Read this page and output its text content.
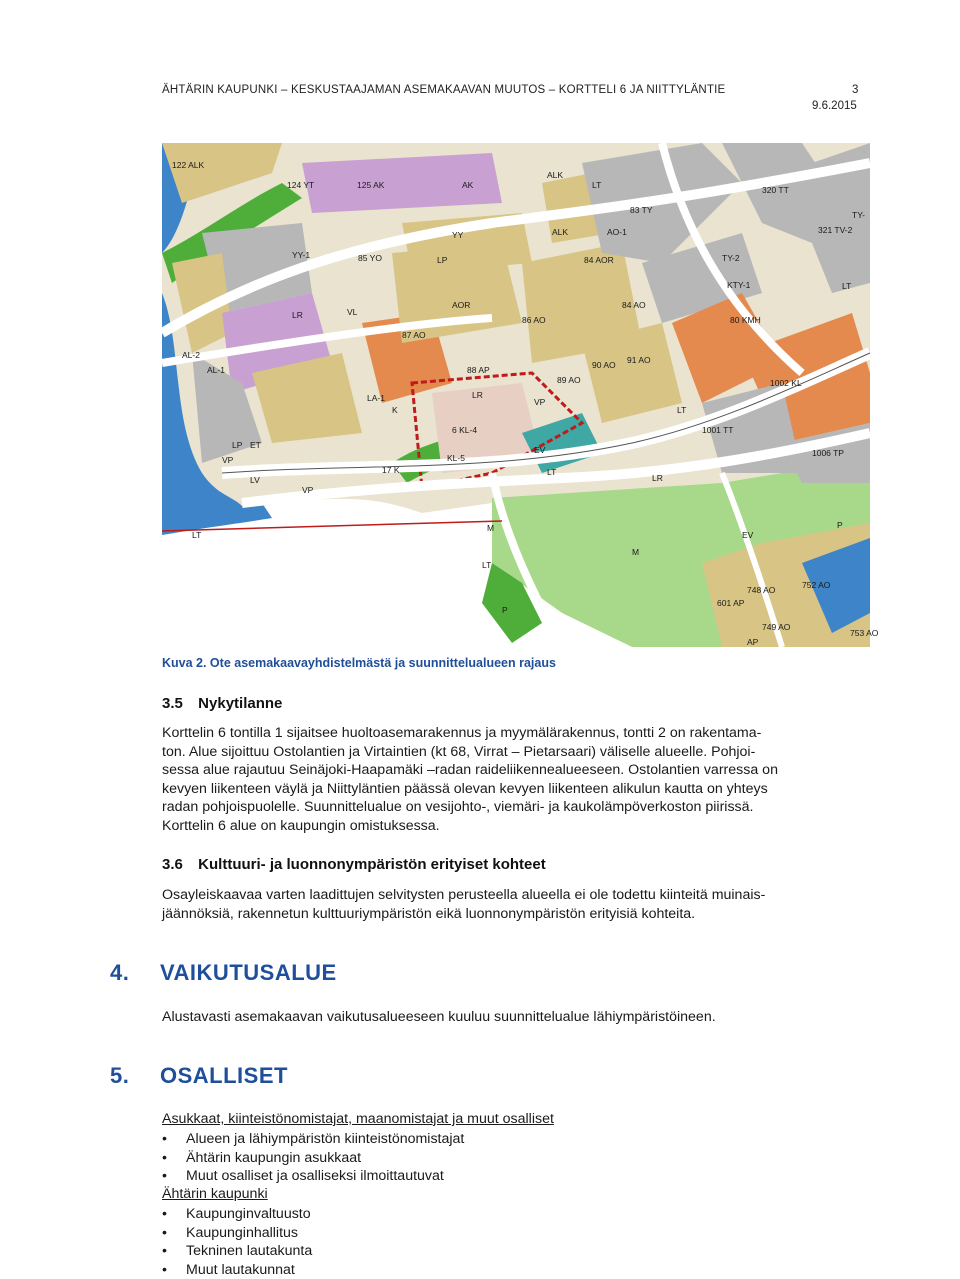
ÄHTÄRIN KAUPUNKI – KESKUSTAAJAMAN ASEMAKAAVAN MUUTOS – KORTTELI 6 JA NIITTYLÄNTIE	3
9.6.2015
122 ALK
124 YT	125 AK	AK
ALK
LT
83 TY
320 TT
321 TV-2
TY-
YY-1	85 YO
YY
LP
ALK	AO-1
TY-2
KTY-1
LR	VL
AOR
86 AO
84 AOR
84 AO
80 KMH
87 AO
88 AP
89 AO
90 AO 91 AO
AL-1
AL-2
LA-1
K
LR
VP
LT
1002 KL
1001 TT
6 KL-4
KL-5
EV
LT
LR
1006 TP
LP ET
VP
LV
VP
17 K
LT
M
M
EV
P
LT
748 AO	752 AO
601 AP
749 AO
753 AO
AP
P
LT
Kuva 2. Ote asemakaavayhdistelmästä ja suunnittelualueen rajaus
3.5 Nykytilanne
Korttelin 6 tontilla 1 sijaitsee huoltoasemarakennus ja myymälärakennus, tontti 2 on rakentama-
ton. Alue sijoittuu Ostolantien ja Virtaintien (kt 68, Virrat – Pietarsaari) väliselle alueelle. Pohjoi-
sessa alue rajautuu Seinäjoki-Haapamäki –radan raideliikennealueeseen. Ostolantien varressa on
kevyen liikenteen väylä ja Niittyläntien päässä olevan kevyen liikenteen alikulun kautta on yhteys
radan pohjoispuolelle. Suunnittelualue on vesijohto-, viemäri- ja kaukolämpöverkoston piirissä.
Korttelin 6 alue on kaupungin omistuksessa.
3.6 Kulttuuri- ja luonnonympäristön erityiset kohteet
Osayleiskaavaa varten laadittujen selvitysten perusteella alueella ei ole todettu kiinteitä muinais-
jäännöksiä, rakennetun kulttuuriympäristön eikä luonnonympäristön erityisiä kohteita.
4. VAIKUTUSALUE
Alustavasti asemakaavan vaikutusalueeseen kuuluu suunnittelualue lähiympäristöineen.
5. OSALLISET
Asukkaat, kiinteistönomistajat, maanomistajat ja muut osalliset
• Alueen ja lähiympäristön kiinteistönomistajat
• Ähtärin kaupungin asukkaat
• Muut osalliset ja osalliseksi ilmoittautuvat
Ähtärin kaupunki
• Kaupunginvaltuusto
• Kaupunginhallitus
• Tekninen lautakunta
• Muut lautakunnat
